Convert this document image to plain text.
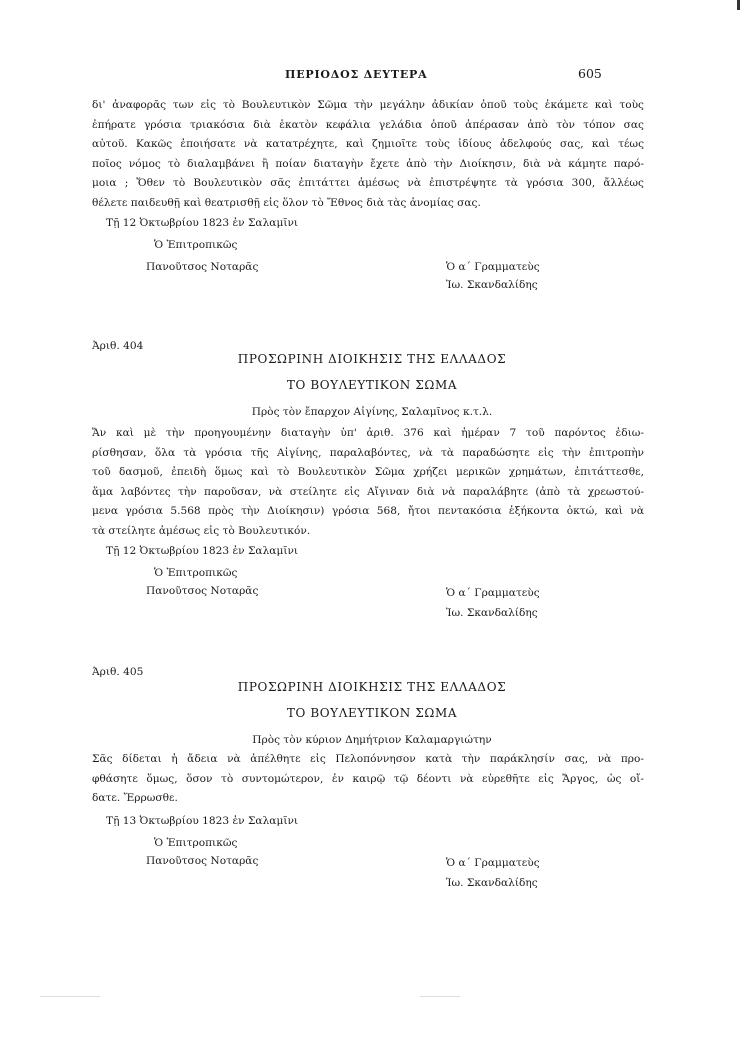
ΠΕΡΙΟΔΟΣ ΔΕΥΤΕΡΑ	605
δι' ἀναφορᾶς των εἰς τὸ Βουλευτικὸν Σῶμα τὴν μεγάλην ἀδικίαν ὁποῦ τοὺς ἐκάμετε καὶ τοὺς
ἐπήρατε γρόσια τριακόσια διὰ ἑκατὸν κεφάλια γελάδια ὁποῦ ἀπέρασαν ἀπὸ τὸν τόπον σας
αὐτοῦ. Κακῶς ἐποιήσατε νὰ κατατρέχητε, καὶ ζημιοῖτε τοὺς ἰδίους ἀδελφούς σας, καὶ τέως
ποῖος νόμος τὸ διαλαμβάνει ἢ ποίαν διαταγὴν ἔχετε ἀπὸ τὴν Διοίκησιν, διὰ νὰ κάμητε παρό-
μοια ; Ὅθεν τὸ Βουλευτικὸν σᾶς ἐπιτάττει ἀμέσως νὰ ἐπιστρέψητε τὰ γρόσια 300, ἄλλέως
θέλετε παιδευθῇ καὶ θεατρισθῇ εἰς ὅλον τὸ Ἔθνος διὰ τὰς ἀνομίας σας.
Τῇ 12 Ὀκτωβρίου 1823 ἐν Σαλαμῖνι
Ὁ Ἐπιτροπικῶς
Πανοῦτσος Νοταρᾶς	Ὁ α΄ Γραμματεὺς
Ἰω. Σκανδαλίδης
Ἀριθ. 404
ΠΡΟΣΩΡΙΝΗ ΔΙΟΙΚΗΣΙΣ ΤΗΣ ΕΛΛΑΔΟΣ
ΤΟ ΒΟΥΛΕΥΤΙΚΟΝ ΣΩΜΑ
Πρὸς τὸν ἔπαρχον Αἰγίνης, Σαλαμῖνος κ.τ.λ.
Ἄν καὶ μὲ τὴν προηγουμένην διαταγὴν ὑπ' ἀριθ. 376 καὶ ἡμέραν 7 τοῦ παρόντος ἐδιω-
ρίσθησαν, ὅλα τὰ γρόσια τῆς Αἰγίνης, παραλαβόντες, νὰ τὰ παραδώσητε εἰς τὴν ἐπιτροπὴν
τοῦ δασμοῦ, ἐπειδὴ ὅμως καὶ τὸ Βουλευτικὸν Σῶμα χρήζει μερικῶν χρημάτων, ἐπιτάττεσθε,
ἅμα λαβόντες τὴν παροῦσαν, νὰ στείλητε εἰς Αἴγιναν διὰ νὰ παραλάβητε (ἀπὸ τὰ χρεωστού-
μενα γρόσια 5.568 πρὸς τὴν Διοίκησιν) γρόσια 568, ἤτοι πεντακόσια ἑξήκοντα ὀκτώ, καὶ νὰ
τὰ στείλητε ἀμέσως εἰς τὸ Βουλευτικόν.
Τῇ 12 Ὀκτωβρίου 1823 ἐν Σαλαμῖνι
Ὁ Ἐπιτροπικῶς
Πανοῦτσος Νοταρᾶς	Ὁ α΄ Γραμματεὺς
Ἰω. Σκανδαλίδης
Ἀριθ. 405
ΠΡΟΣΩΡΙΝΗ ΔΙΟΙΚΗΣΙΣ ΤΗΣ ΕΛΛΑΔΟΣ
ΤΟ ΒΟΥΛΕΥΤΙΚΟΝ ΣΩΜΑ
Πρὸς τὸν κύριον Δημήτριον Καλαμαργιώτην
Σᾶς δίδεται ἡ ἄδεια νὰ ἀπέλθητε εἰς Πελοπόννησον κατὰ τὴν παράκλησίν σας, νὰ προ-
φθάσητε ὅμως, ὅσον τὸ συντομώτερον, ἐν καιρῷ τῷ δέοντι νὰ εὑρεθῆτε εἰς Ἄργος, ὡς οἴ-
δατε. Ἔρρωσθε.
Τῇ 13 Ὀκτωβρίου 1823 ἐν Σαλαμῖνι
Ὁ Ἐπιτροπικῶς
Πανοῦτσος Νοταρᾶς	Ὁ α΄ Γραμματεὺς
Ἰω. Σκανδαλίδης
